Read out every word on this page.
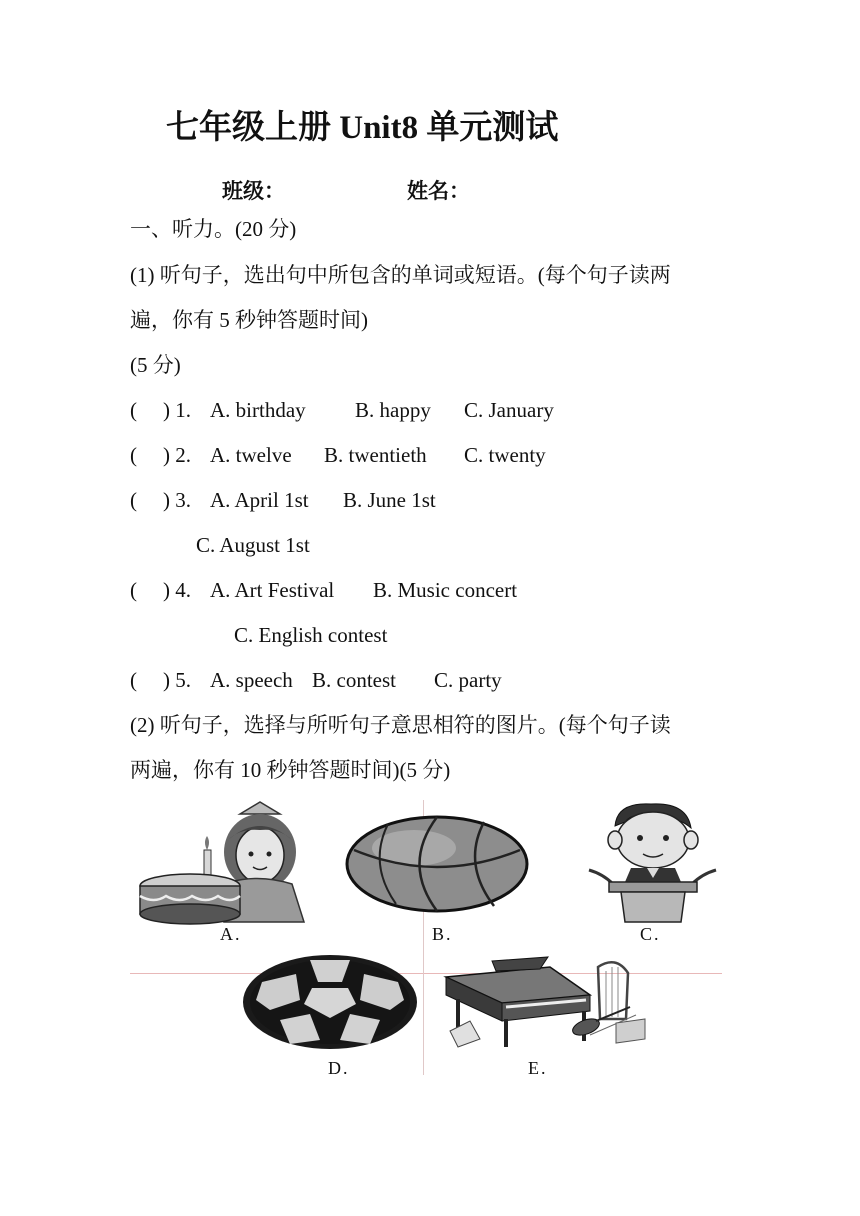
七年级上册 Unit8 单元测试
班级：	姓名：
一、听力。(20 分)
(1) 听句子，选出句中所包含的单词或短语。(每个句子读两
遍，你有 5 秒钟答题时间)
(5 分)
( ) 1. A. birthday B. happy C. January
( ) 2. A. twelve B. twentieth C. twenty
( ) 3. A. April 1st B. June 1st
C. August 1st
( ) 4. A. Art Festival B. Music concert
C. English contest
( ) 5. A. speech B. contest C. party
(2) 听句子，选择与所听句子意思相符的图片。(每个句子读
两遍，你有 10 秒钟答题时间)(5 分)
A.	B.	C.
D.	E.
